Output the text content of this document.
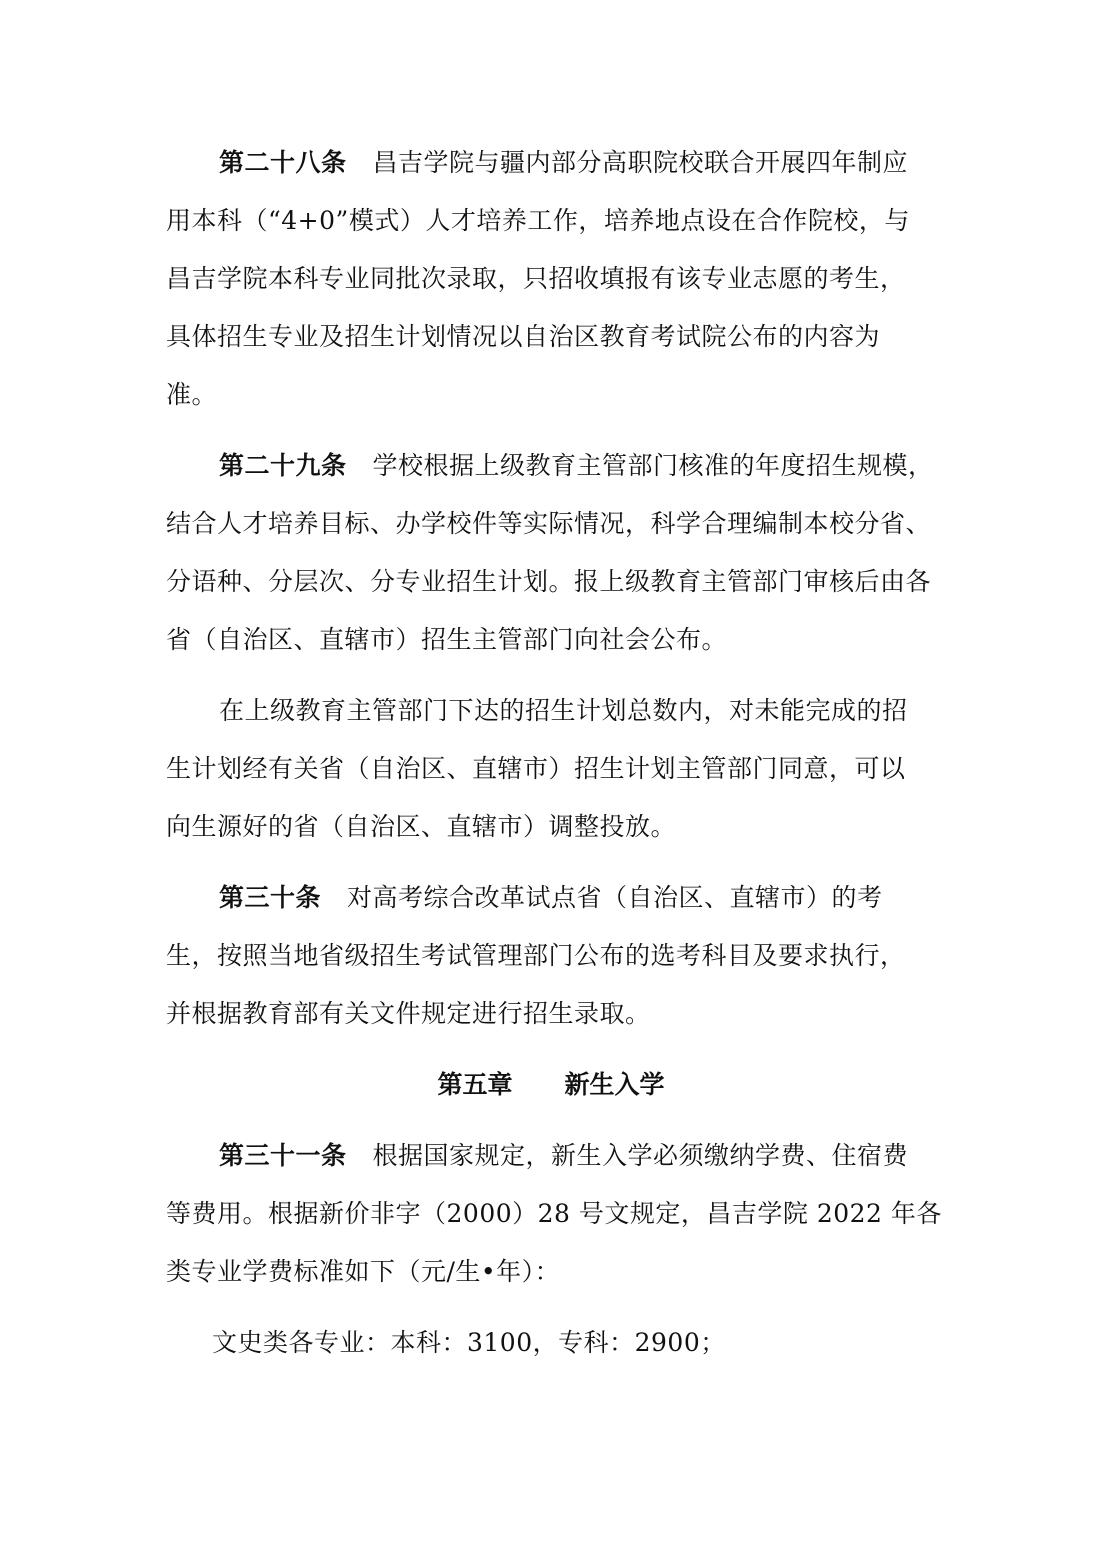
第二十八条 昌吉学院与疆内部分高职院校联合开展四年制应
用本科（“4+0”模式）人才培养工作，培养地点设在合作院校，与
昌吉学院本科专业同批次录取，只招收填报有该专业志愿的考生，
具体招生专业及招生计划情况以自治区教育考试院公布的内容为
准。
第二十九条 学校根据上级教育主管部门核准的年度招生规模，
结合人才培养目标、办学校件等实际情况，科学合理编制本校分省、
分语种、分层次、分专业招生计划。报上级教育主管部门审核后由各
省（自治区、直辖市）招生主管部门向社会公布。
在上级教育主管部门下达的招生计划总数内，对未能完成的招
生计划经有关省（自治区、直辖市）招生计划主管部门同意，可以
向生源好的省（自治区、直辖市）调整投放。
第三十条 对高考综合改革试点省（自治区、直辖市）的考
生，按照当地省级招生考试管理部门公布的选考科目及要求执行，
并根据教育部有关文件规定进行招生录取。
第五章 新生入学
第三十一条 根据国家规定，新生入学必须缴纳学费、住宿费
等费用。根据新价非字（2000）28 号文规定，昌吉学院 2022 年各
类专业学费标准如下（元/生•年）：
文史类各专业：本科：3100，专科：2900；
